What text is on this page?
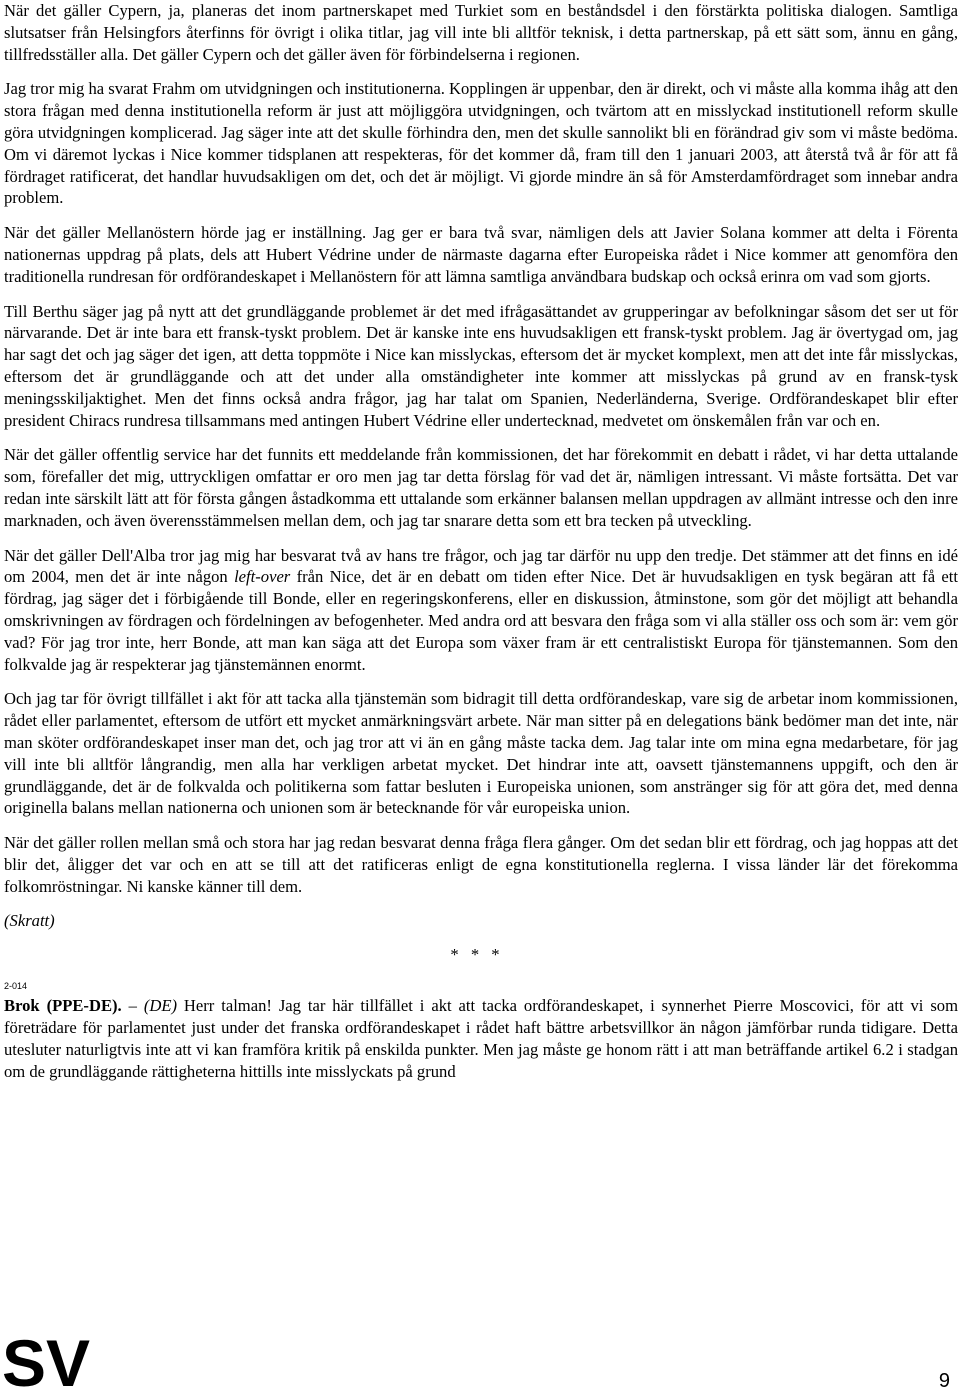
När det gäller Cypern, ja, planeras det inom partnerskapet med Turkiet som en beståndsdel i den förstärkta politiska dialogen. Samtliga slutsatser från Helsingfors återfinns för övrigt i olika titlar, jag vill inte bli alltför teknisk, i detta partnerskap, på ett sätt som, ännu en gång, tillfredsställer alla. Det gäller Cypern och det gäller även för förbindelserna i regionen.

Jag tror mig ha svarat Frahm om utvidgningen och institutionerna. Kopplingen är uppenbar, den är direkt, och vi måste alla komma ihåg att den stora frågan med denna institutionella reform är just att möjliggöra utvidgningen, och tvärtom att en misslyckad institutionell reform skulle göra utvidgningen komplicerad. Jag säger inte att det skulle förhindra den, men det skulle sannolikt bli en förändrad giv som vi måste bedöma. Om vi däremot lyckas i Nice kommer tidsplanen att respekteras, för det kommer då, fram till den 1 januari 2003, att återstå två år för att få fördraget ratificerat, det handlar huvudsakligen om det, och det är möjligt. Vi gjorde mindre än så för Amsterdamfördraget som innebar andra problem.

När det gäller Mellanöstern hörde jag er inställning. Jag ger er bara två svar, nämligen dels att Javier Solana kommer att delta i Förenta nationernas uppdrag på plats, dels att Hubert Védrine under de närmaste dagarna efter Europeiska rådet i Nice kommer att genomföra den traditionella rundresan för ordförandeskapet i Mellanöstern för att lämna samtliga användbara budskap och också erinra om vad som gjorts.

Till Berthu säger jag på nytt att det grundläggande problemet är det med ifrågasättandet av grupperingar av befolkningar såsom det ser ut för närvarande. Det är inte bara ett fransk-tyskt problem. Det är kanske inte ens huvudsakligen ett fransk-tyskt problem. Jag är övertygad om, jag har sagt det och jag säger det igen, att detta toppmöte i Nice kan misslyckas, eftersom det är mycket komplext, men att det inte får misslyckas, eftersom det är grundläggande och att det under alla omständigheter inte kommer att misslyckas på grund av en fransk-tysk meningsskiljaktighet. Men det finns också andra frågor, jag har talat om Spanien, Nederländerna, Sverige. Ordförandeskapet blir efter president Chiracs rundresa tillsammans med antingen Hubert Védrine eller undertecknad, medvetet om önskemålen från var och en.

När det gäller offentlig service har det funnits ett meddelande från kommissionen, det har förekommit en debatt i rådet, vi har detta uttalande som, förefaller det mig, uttryckligen omfattar er oro men jag tar detta förslag för vad det är, nämligen intressant. Vi måste fortsätta. Det var redan inte särskilt lätt att för första gången åstadkomma ett uttalande som erkänner balansen mellan uppdragen av allmänt intresse och den inre marknaden, och även överensstämmelsen mellan dem, och jag tar snarare detta som ett bra tecken på utveckling.

När det gäller Dell'Alba tror jag mig har besvarat två av hans tre frågor, och jag tar därför nu upp den tredje. Det stämmer att det finns en idé om 2004, men det är inte någon left-over från Nice, det är en debatt om tiden efter Nice. Det är huvudsakligen en tysk begäran att få ett fördrag, jag säger det i förbigående till Bonde, eller en regeringskonferens, eller en diskussion, åtminstone, som gör det möjligt att behandla omskrivningen av fördragen och fördelningen av befogenheter. Med andra ord att besvara den fråga som vi alla ställer oss och som är: vem gör vad? För jag tror inte, herr Bonde, att man kan säga att det Europa som växer fram är ett centralistiskt Europa för tjänstemannen. Som den folkvalde jag är respekterar jag tjänstemännen enormt.

Och jag tar för övrigt tillfället i akt för att tacka alla tjänstemän som bidragit till detta ordförandeskap, vare sig de arbetar inom kommissionen, rådet eller parlamentet, eftersom de utfört ett mycket anmärkningsvärt arbete. När man sitter på en delegations bänk bedömer man det inte, när man sköter ordförandeskapet inser man det, och jag tror att vi än en gång måste tacka dem. Jag talar inte om mina egna medarbetare, för jag vill inte bli alltför långrandig, men alla har verkligen arbetat mycket. Det hindrar inte att, oavsett tjänstemannens uppgift, och den är grundläggande, det är de folkvalda och politikerna som fattar besluten i Europeiska unionen, som anstränger sig för att göra det, med denna originella balans mellan nationerna och unionen som är betecknande för vår europeiska union.

När det gäller rollen mellan små och stora har jag redan besvarat denna fråga flera gånger. Om det sedan blir ett fördrag, och jag hoppas att det blir det, åligger det var och en att se till att det ratificeras enligt de egna konstitutionella reglerna. I vissa länder lär det förekomma folkomröstningar. Ni kanske känner till dem.

(Skratt)

* * *
2-014

Brok (PPE-DE). – (DE) Herr talman! Jag tar här tillfället i akt att tacka ordförandeskapet, i synnerhet Pierre Moscovici, för att vi som företrädare för parlamentet just under det franska ordförandeskapet i rådet haft bättre arbetsvillkor än någon jämförbar runda tidigare. Detta utesluter naturligtvis inte att vi kan framföra kritik på enskilda punkter. Men jag måste ge honom rätt i att man beträffande artikel 6.2 i stadgan om de grundläggande rättigheterna hittills inte misslyckats på grund

SV	9
